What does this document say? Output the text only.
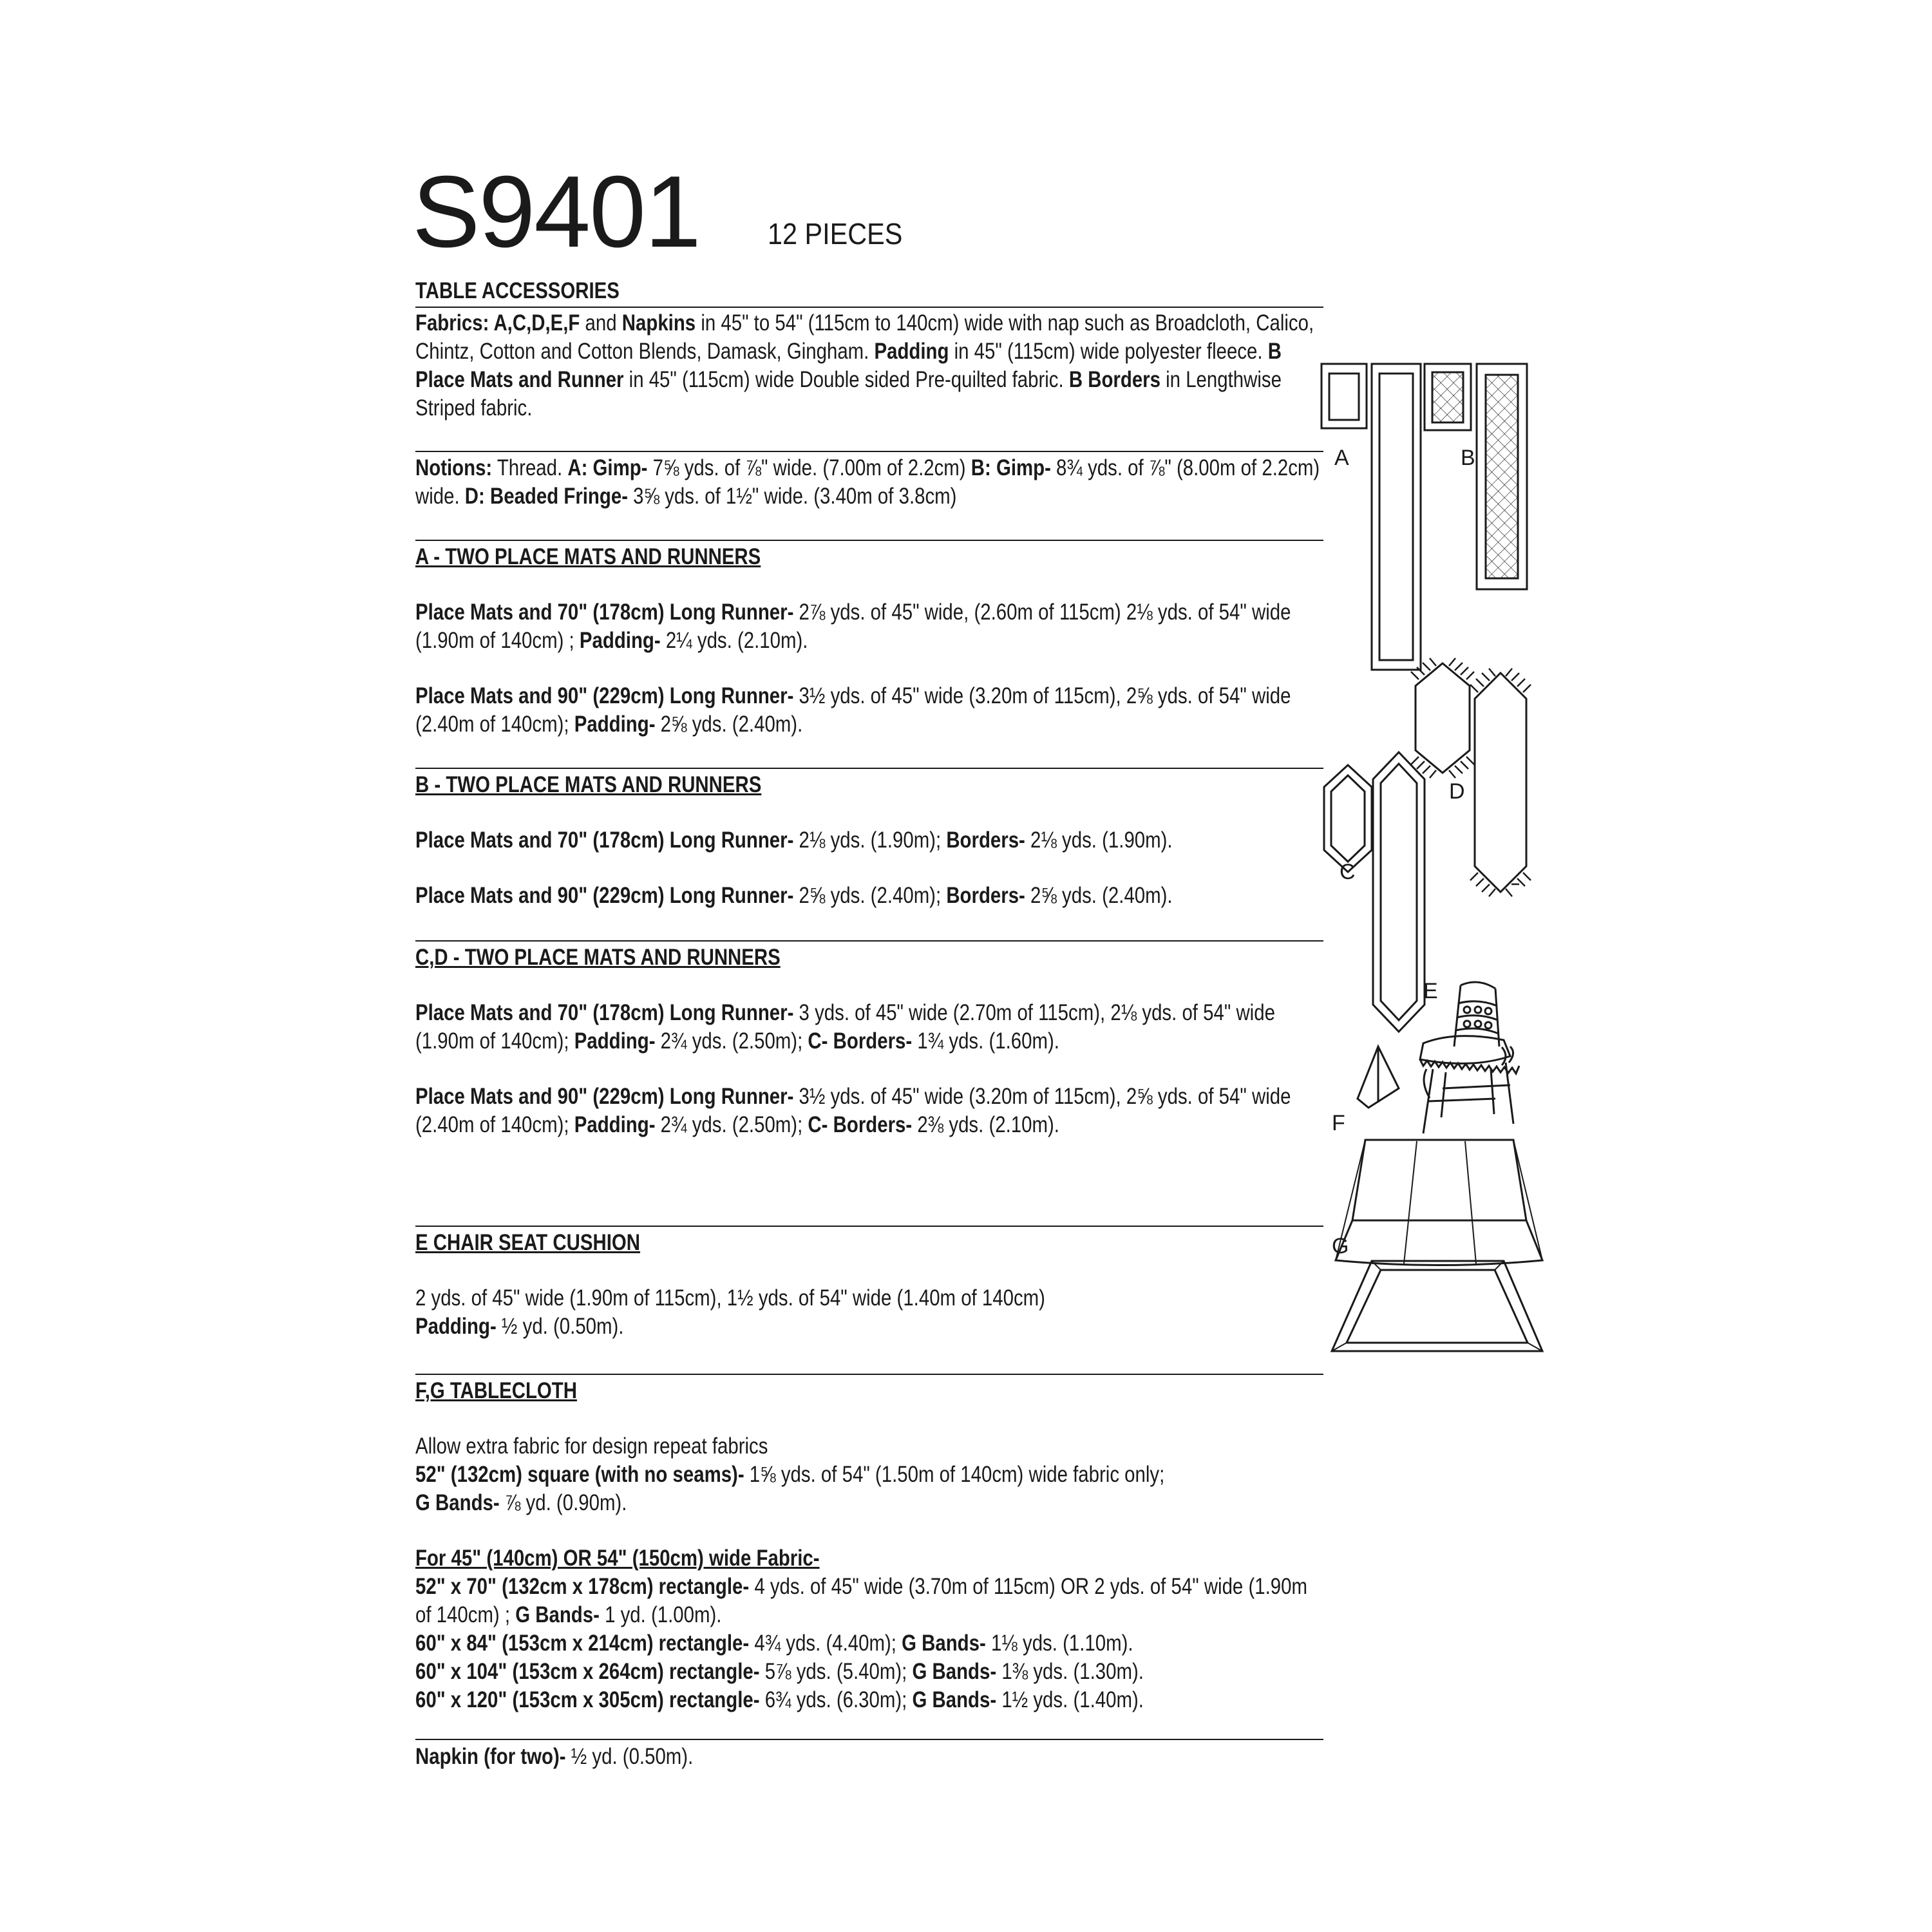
S9401 12 PIECES
TABLE ACCESSORIES

Fabrics: A,C,D,E,F and Napkins in 45" to 54" (115cm to 140cm) wide with nap such as Broadcloth, Calico, Chintz, Cotton and Cotton Blends, Damask, Gingham. Padding in 45" (115cm) wide polyester fleece. B Place Mats and Runner in 45" (115cm) wide Double sided Pre-quilted fabric. B Borders in Lengthwise Striped fabric.

Notions: Thread. A: Gimp- 7⅝ yds. of ⅞" wide. (7.00m of 2.2cm) B: Gimp- 8¾ yds. of ⅞" (8.00m of 2.2cm) wide. D: Beaded Fringe- 3⅝ yds. of 1½" wide. (3.40m of 3.8cm)

A - TWO PLACE MATS AND RUNNERS

Place Mats and 70" (178cm) Long Runner- 2⅞ yds. of 45" wide, (2.60m of 115cm) 2⅛ yds. of 54" wide (1.90m of 140cm) ; Padding- 2¼ yds. (2.10m).

Place Mats and 90" (229cm) Long Runner- 3½ yds. of 45" wide (3.20m of 115cm), 2⅝ yds. of 54" wide (2.40m of 140cm); Padding- 2⅝ yds. (2.40m).

B - TWO PLACE MATS AND RUNNERS

Place Mats and 70" (178cm) Long Runner- 2⅛ yds. (1.90m); Borders- 2⅛ yds. (1.90m).

Place Mats and 90" (229cm) Long Runner- 2⅝ yds. (2.40m); Borders- 2⅝ yds. (2.40m).

C,D - TWO PLACE MATS AND RUNNERS

Place Mats and 70" (178cm) Long Runner- 3 yds. of 45" wide (2.70m of 115cm), 2⅛ yds. of 54" wide (1.90m of 140cm); Padding- 2¾ yds. (2.50m); C- Borders- 1¾ yds. (1.60m).

Place Mats and 90" (229cm) Long Runner- 3½ yds. of 45" wide (3.20m of 115cm), 2⅝ yds. of 54" wide (2.40m of 140cm); Padding- 2¾ yds. (2.50m); C- Borders- 2⅜ yds. (2.10m).

E CHAIR SEAT CUSHION

2 yds. of 45" wide (1.90m of 115cm), 1½ yds. of 54" wide (1.40m of 140cm)

Padding- ½ yd. (0.50m).

F,G TABLECLOTH

Allow extra fabric for design repeat fabrics

52" (132cm) square (with no seams)- 1⅝ yds. of 54" (1.50m of 140cm) wide fabric only;

G Bands- ⅞ yd. (0.90m).

For 45" (140cm) OR 54" (150cm) wide Fabric-

52" x 70" (132cm x 178cm) rectangle- 4 yds. of 45" wide (3.70m of 115cm) OR 2 yds. of 54" wide (1.90m of 140cm) ; G Bands- 1 yd. (1.00m).

60" x 84" (153cm x 214cm) rectangle- 4¾ yds. (4.40m); G Bands- 1⅛ yds. (1.10m).

60" x 104" (153cm x 264cm) rectangle- 5⅞ yds. (5.40m); G Bands- 1⅜ yds. (1.30m).

60" x 120" (153cm x 305cm) rectangle- 6¾ yds. (6.30m); G Bands- 1½ yds. (1.40m).

Napkin (for two)- ½ yd. (0.50m).

A	B
D
C
E
F
G
